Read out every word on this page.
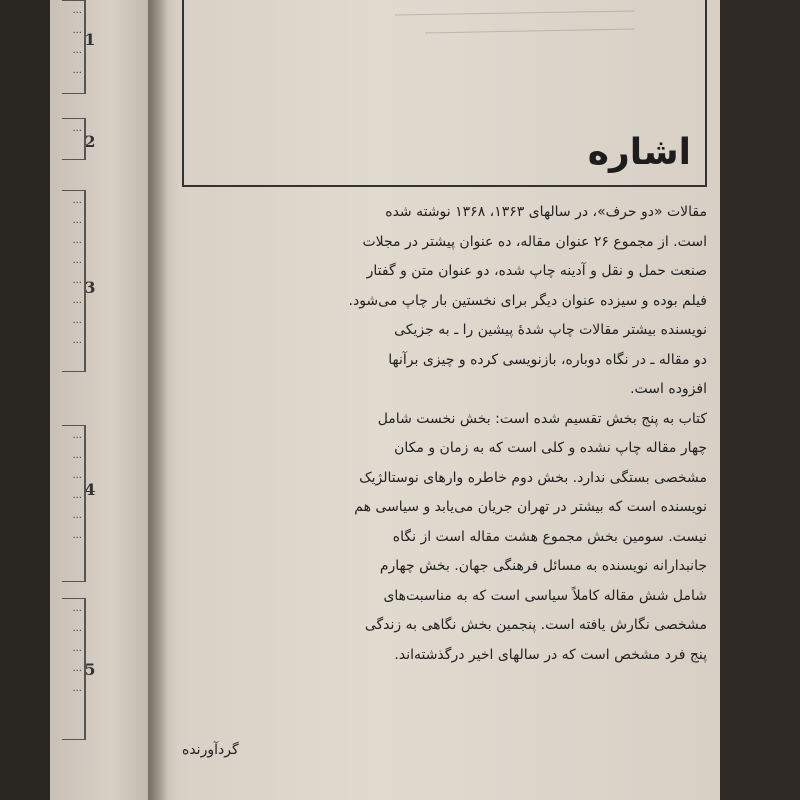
1
2
3
4
5
...
...
...
...
...
...
...
...
...
...
...
...
...
...
...
...
...
...
...
...
...
...
...
...
اشاره
مقالات «دو حرف»، در سالهای ۱۳۶۳، ۱۳۶۸ نوشته شده
است. از مجموع ۲۶ عنوان مقاله، ده عنوان پیشتر در مجلات
صنعت حمل و نقل و آدینه چاپ شده، دو عنوان متن و گفتار
فیلم بوده و سیزده عنوان دیگر برای نخستین بار چاپ می‌شود.
نویسنده بیشتر مقالات چاپ شدهٔ پیشین را ـ به جزیکی
دو مقاله ـ در نگاه دوباره، بازنویسی کرده و چیزی برآنها
افزوده است.
کتاب به پنج بخش تقسیم شده است: بخش نخست شامل
چهار مقاله چاپ نشده و کلی است که به زمان و مکان
مشخصی بستگی ندارد. بخش دوم خاطره وارهای نوستالژیک
نویسنده است که بیشتر در تهران جریان می‌یابد و سیاسی هم
نیست. سومین بخش مجموع هشت مقاله است از نگاه
جانبدارانه نویسنده به مسائل فرهنگی جهان. بخش چهارم
شامل شش مقاله کاملاً سیاسی است که به مناسبت‌های
مشخصی نگارش یافته است. پنجمین بخش نگاهی به زندگی
پنج فرد مشخص است که در سالهای اخیر درگذشته‌اند.
گردآورنده
